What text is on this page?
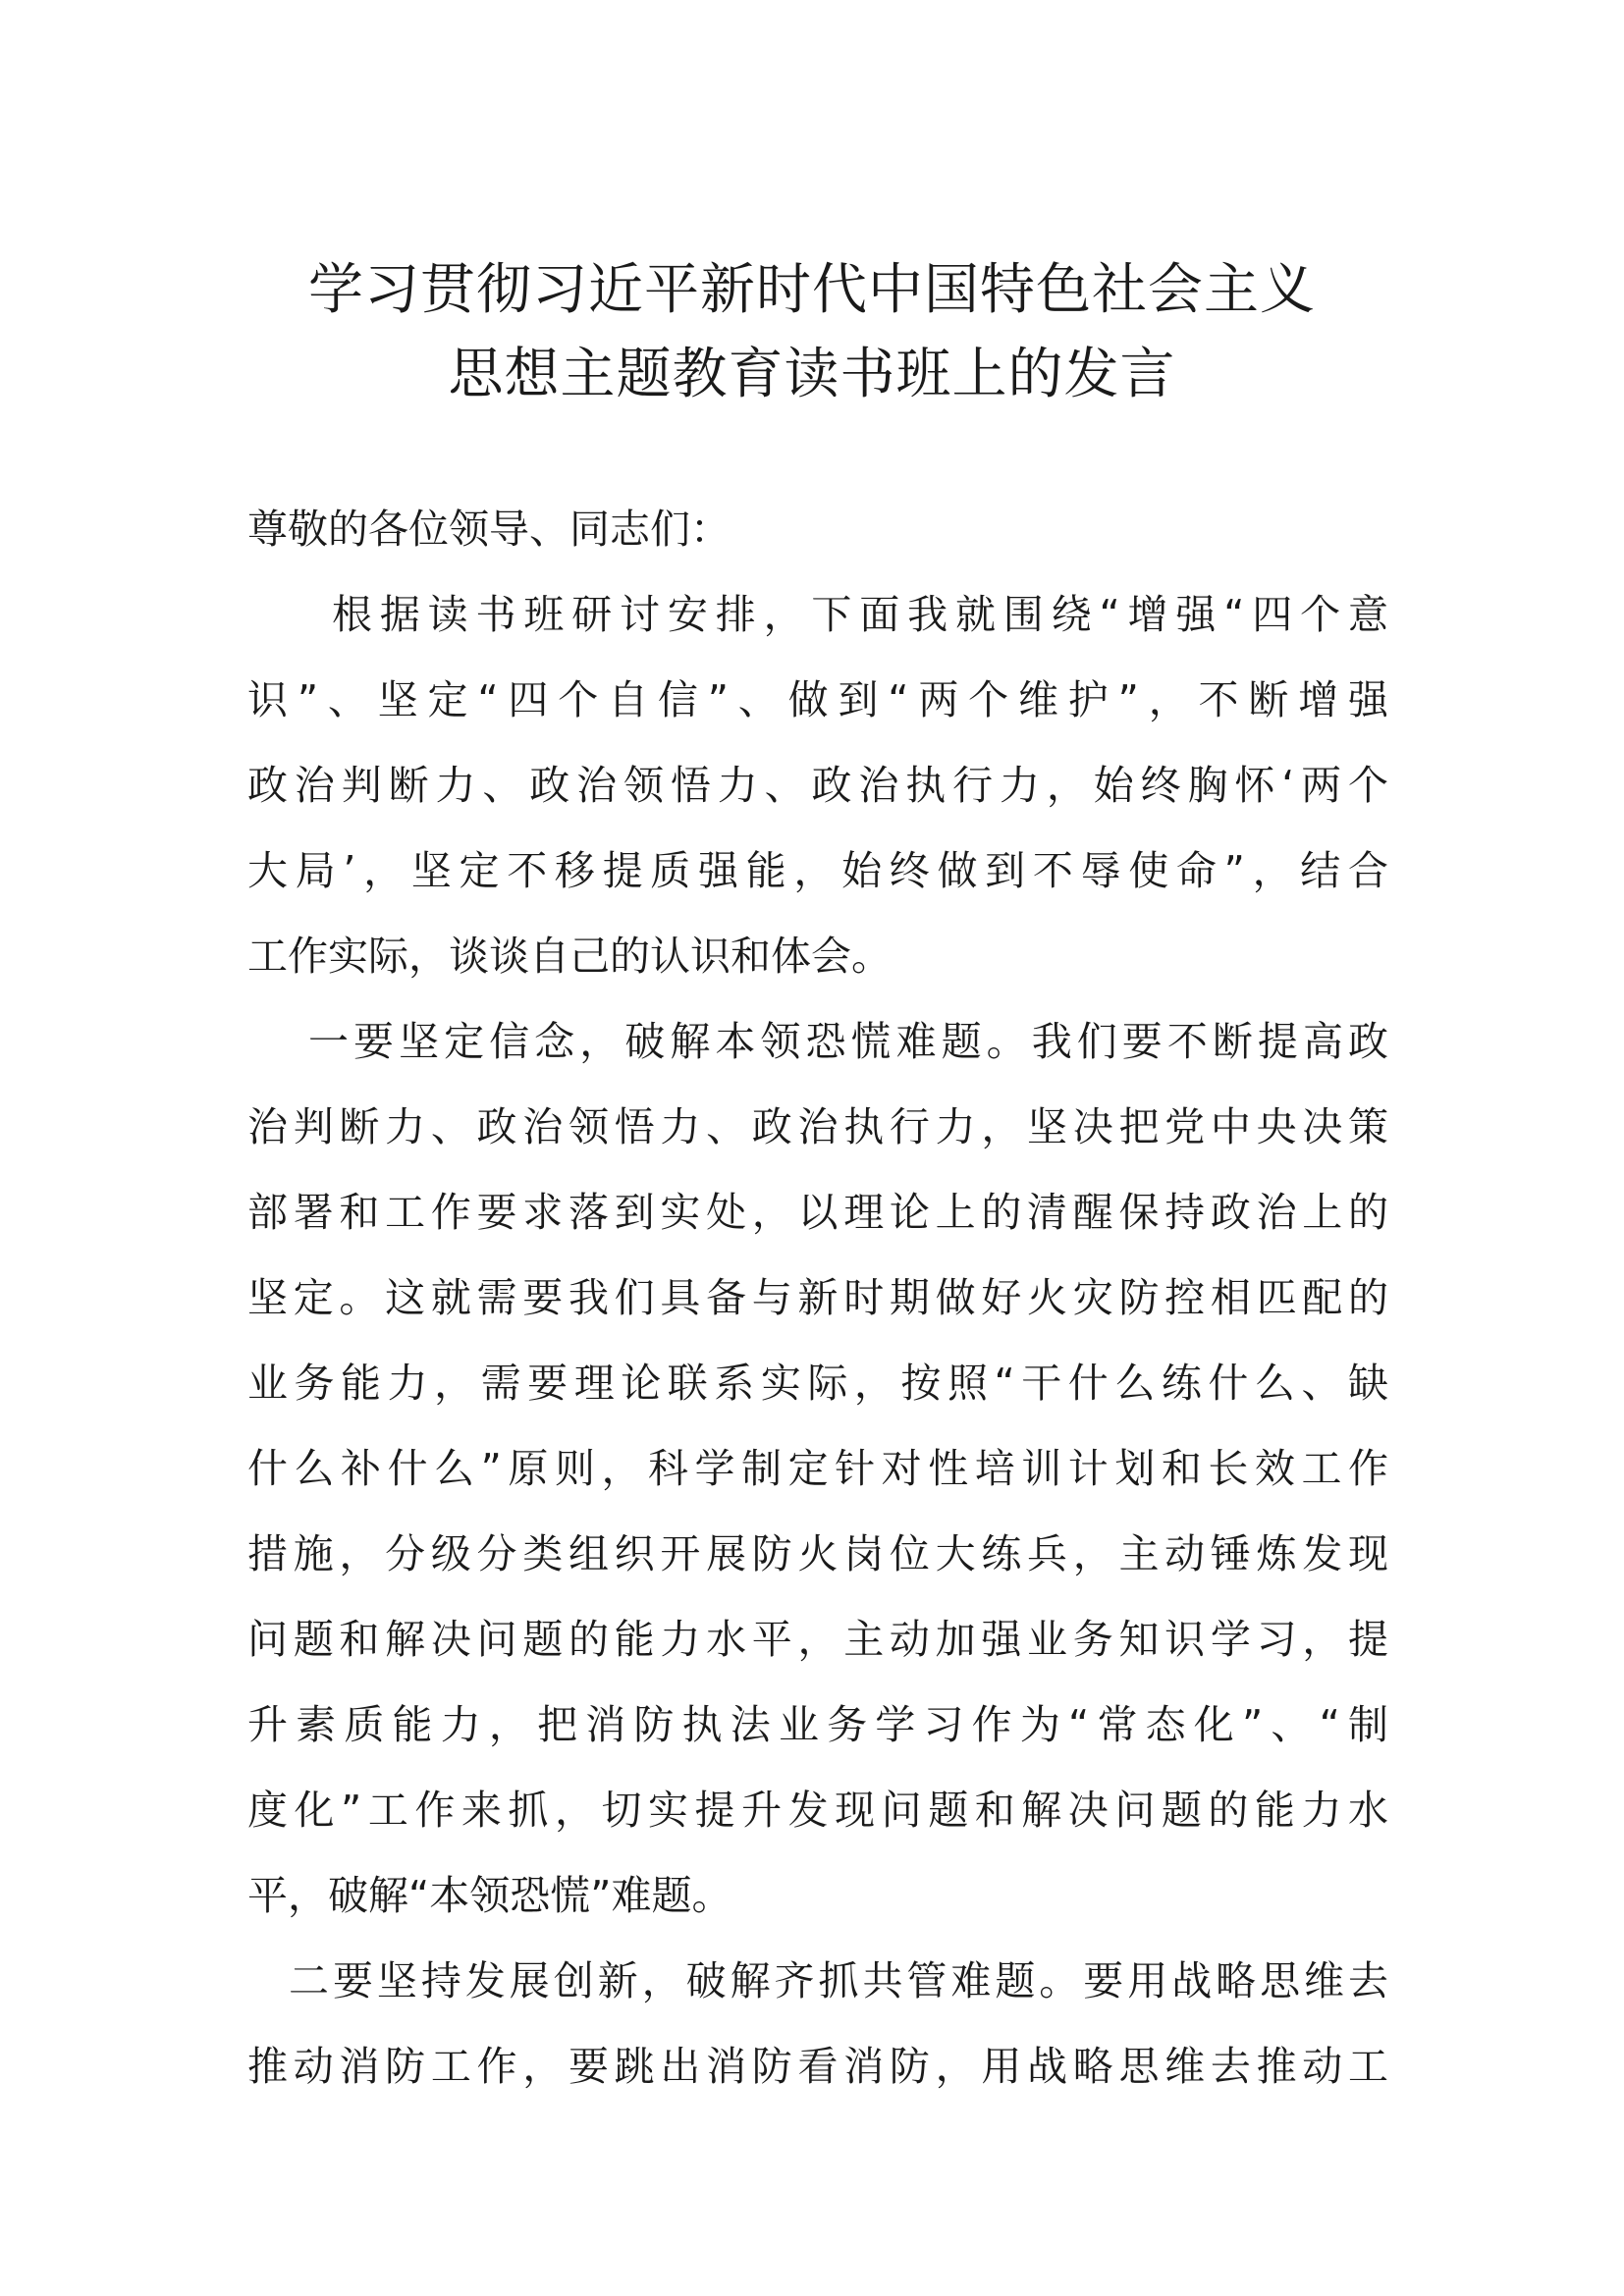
学习贯彻习近平新时代中国特色社会主义
思想主题教育读书班上的发言
尊敬的各位领导、同志们：
根据读书班研讨安排，下面我就围绕“增强“四个意
识”、坚定“四个自信”、做到“两个维护”，不断增强
政治判断力、政治领悟力、政治执行力，始终胸怀‘两个
大局’，坚定不移提质强能，始终做到不辱使命”，结合
工作实际，谈谈自己的认识和体会。
一要坚定信念，破解本领恐慌难题。我们要不断提高政
治判断力、政治领悟力、政治执行力，坚决把党中央决策
部署和工作要求落到实处，以理论上的清醒保持政治上的
坚定。这就需要我们具备与新时期做好火灾防控相匹配的
业务能力，需要理论联系实际，按照“干什么练什么、缺
什么补什么”原则，科学制定针对性培训计划和长效工作
措施，分级分类组织开展防火岗位大练兵，主动锤炼发现
问题和解决问题的能力水平，主动加强业务知识学习，提
升素质能力，把消防执法业务学习作为“常态化”、“制
度化”工作来抓，切实提升发现问题和解决问题的能力水
平，破解“本领恐慌”难题。
二要坚持发展创新，破解齐抓共管难题。要用战略思维去
推动消防工作，要跳出消防看消防，用战略思维去推动工
